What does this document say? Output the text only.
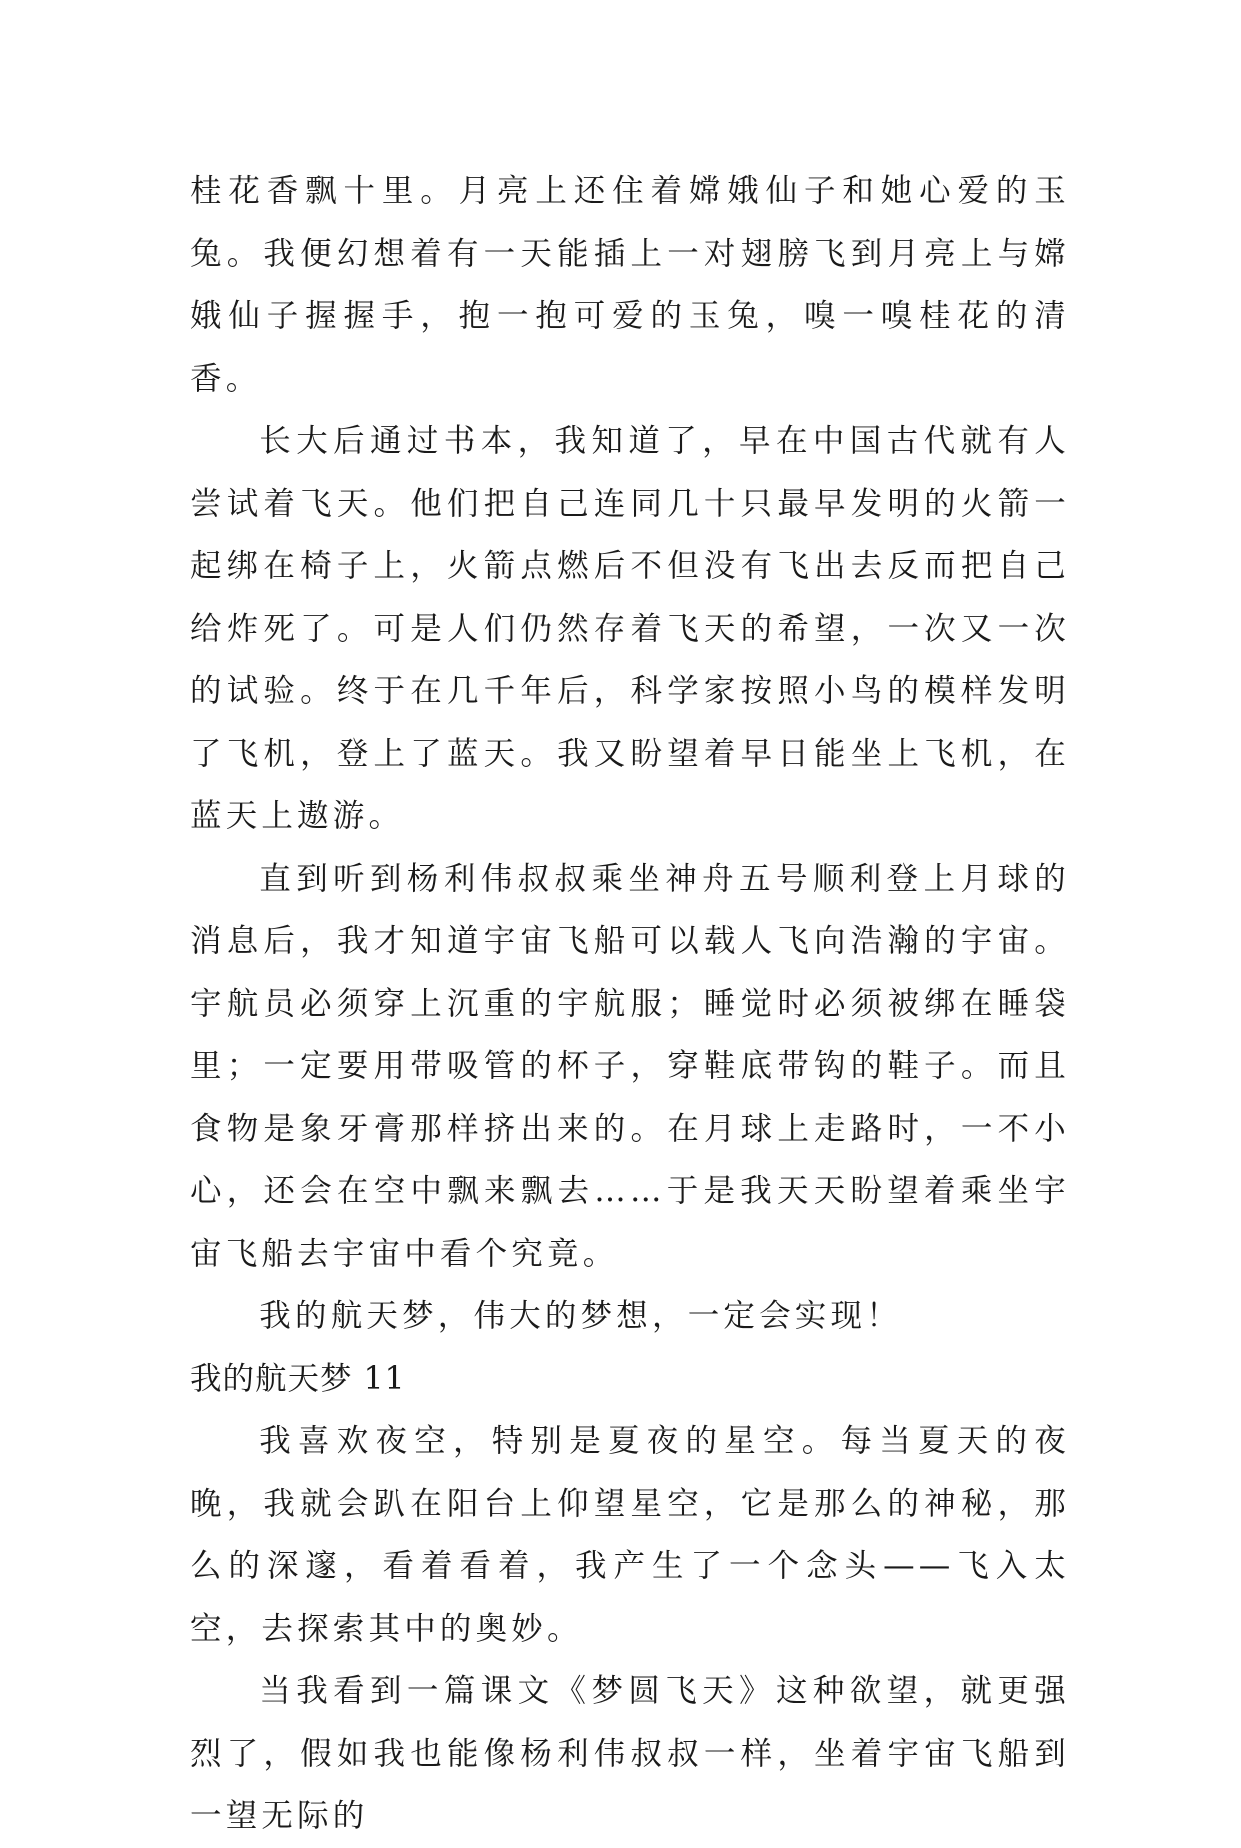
桂花香飘十里。月亮上还住着嫦娥仙子和她心爱的玉兔。我便幻想着有一天能插上一对翅膀飞到月亮上与嫦娥仙子握握手，抱一抱可爱的玉兔，嗅一嗅桂花的清香。

长大后通过书本，我知道了，早在中国古代就有人尝试着飞天。他们把自己连同几十只最早发明的火箭一起绑在椅子上，火箭点燃后不但没有飞出去反而把自己给炸死了。可是人们仍然存着飞天的希望，一次又一次的试验。终于在几千年后，科学家按照小鸟的模样发明了飞机，登上了蓝天。我又盼望着早日能坐上飞机，在蓝天上遨游。

直到听到杨利伟叔叔乘坐神舟五号顺利登上月球的消息后，我才知道宇宙飞船可以载人飞向浩瀚的宇宙。宇航员必须穿上沉重的宇航服；睡觉时必须被绑在睡袋里；一定要用带吸管的杯子，穿鞋底带钩的鞋子。而且食物是象牙膏那样挤出来的。在月球上走路时，一不小心，还会在空中飘来飘去……于是我天天盼望着乘坐宇宙飞船去宇宙中看个究竟。

我的航天梦，伟大的梦想，一定会实现！

我的航天梦 11

我喜欢夜空，特别是夏夜的星空。每当夏天的夜晚，我就会趴在阳台上仰望星空，它是那么的神秘，那么的深邃，看着看着，我产生了一个念头——飞入太空，去探索其中的奥妙。

当我看到一篇课文《梦圆飞天》这种欲望，就更强烈了，假如我也能像杨利伟叔叔一样，坐着宇宙飞船到一望无际的
